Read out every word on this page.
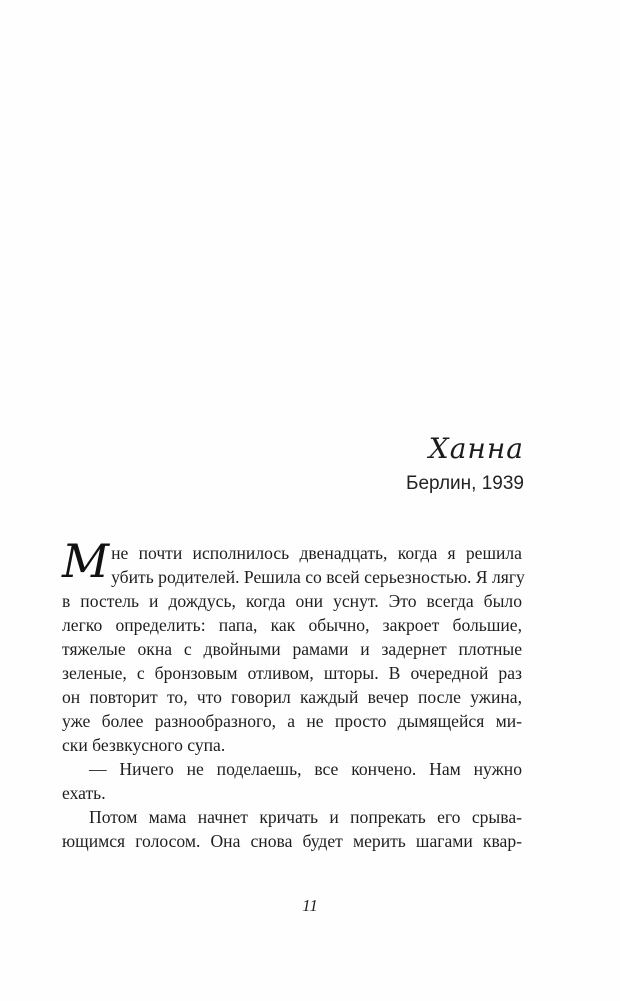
Ханна
Берлин, 1939
Мне почти исполнилось двенадцать, когда я решила
убить родителей. Решила со всей серьезностью. Я лягу
в постель и дождусь, когда они уснут. Это всегда было
легко определить: папа, как обычно, закроет большие,
тяжелые окна с двойными рамами и задернет плотные
зеленые, с бронзовым отливом, шторы. В очередной раз
он повторит то, что говорил каждый вечер после ужина,
уже более разнообразного, а не просто дымящейся ми-
ски безвкусного супа.
— Ничего не поделаешь, все кончено. Нам нужно
ехать.
Потом мама начнет кричать и попрекать его срыва-
ющимся голосом. Она снова будет мерить шагами квар-
11
